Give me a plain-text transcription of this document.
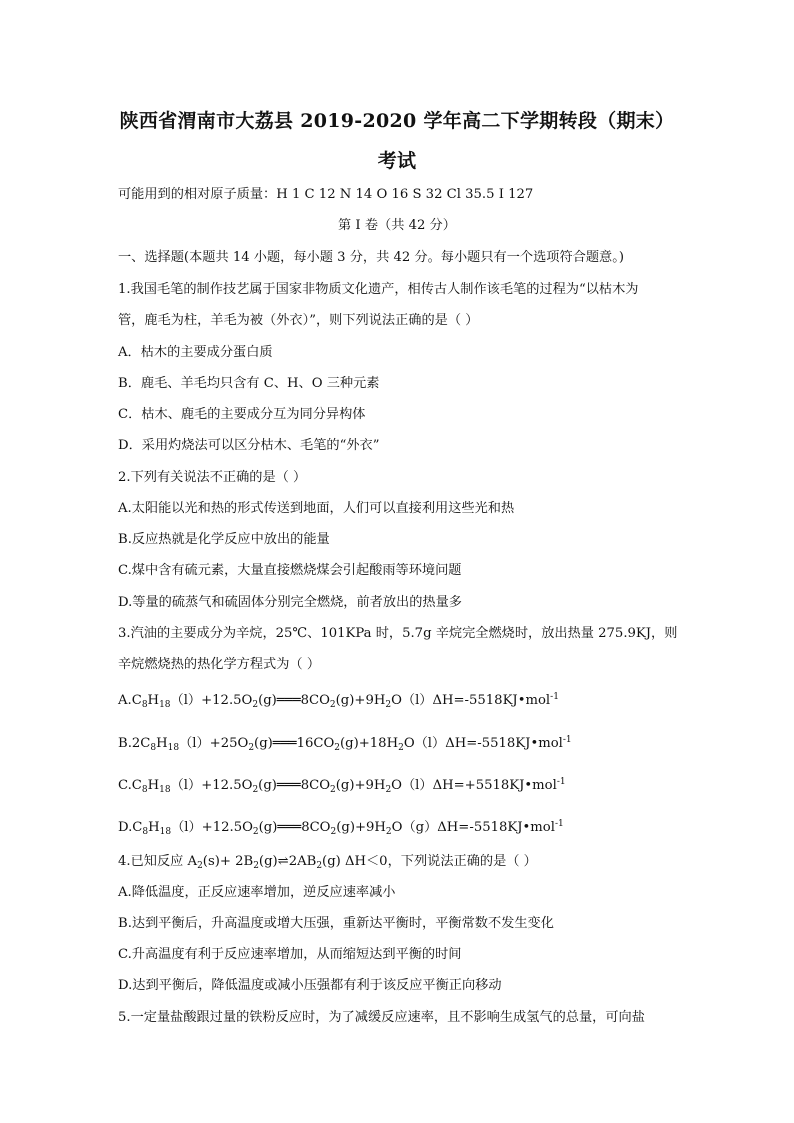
陕西省渭南市大荔县 2019-2020 学年高二下学期转段（期末）
考试
可能用到的相对原子质量：H 1 C 12 N 14 O 16 S 32 Cl 35.5 I 127
第 I 卷（共 42 分）
一、选择题(本题共 14 小题，每小题 3 分，共 42 分。每小题只有一个选项符合题意。)
1.我国毛笔的制作技艺属于国家非物质文化遗产，相传古人制作该毛笔的过程为“以枯木为
管，鹿毛为柱，羊毛为被（外衣）”，则下列说法正确的是（ ）
A．枯木的主要成分蛋白质
B．鹿毛、羊毛均只含有 C、H、O 三种元素
C．枯木、鹿毛的主要成分互为同分异构体
D．采用灼烧法可以区分枯木、毛笔的“外衣”
2.下列有关说法不正确的是（ ）
A.太阳能以光和热的形式传送到地面，人们可以直接利用这些光和热
B.反应热就是化学反应中放出的能量
C.煤中含有硫元素，大量直接燃烧煤会引起酸雨等环境问题
D.等量的硫蒸气和硫固体分别完全燃烧，前者放出的热量多
3.汽油的主要成分为辛烷，25℃、101KPa 时，5.7g 辛烷完全燃烧时，放出热量 275.9KJ，则
辛烷燃烧热的热化学方程式为（ ）
$A.C_8H_{18}(l)+12.5O_2(g)═══8CO_2(g)+9H_2O(l)\Delta H=-5518KJ•mol^{-1}$
$B.2C_8H_{18}(l)+25O_2(g)═══16CO_2(g)+18H_2O(l)\Delta H=-5518KJ•mol^{-1}$
$C.C_8H_{18}(l)+12.5O_2(g)═══8CO_2(g)+9H_2O(l)\Delta H=+5518KJ•mol^{-1}$
$D.C_8H_{18}(l)+12.5O_2(g)═══8CO_2(g)+9H_2O(g)\Delta H=-5518KJ•mol^{-1}$
4.已知反应 $A_2(s)+$ $2B_2(g)\rightleftharpoons 2AB_2(g)$ ΔH＜0，下列说法正确的是（ ）
A.降低温度，正反应速率增加，逆反应速率减小
B.达到平衡后，升高温度或增大压强，重新达平衡时，平衡常数不发生变化
C.升高温度有利于反应速率增加，从而缩短达到平衡的时间
D.达到平衡后，降低温度或减小压强都有利于该反应平衡正向移动
5.一定量盐酸跟过量的铁粉反应时，为了减缓反应速率，且不影响生成氢气的总量，可向盐
